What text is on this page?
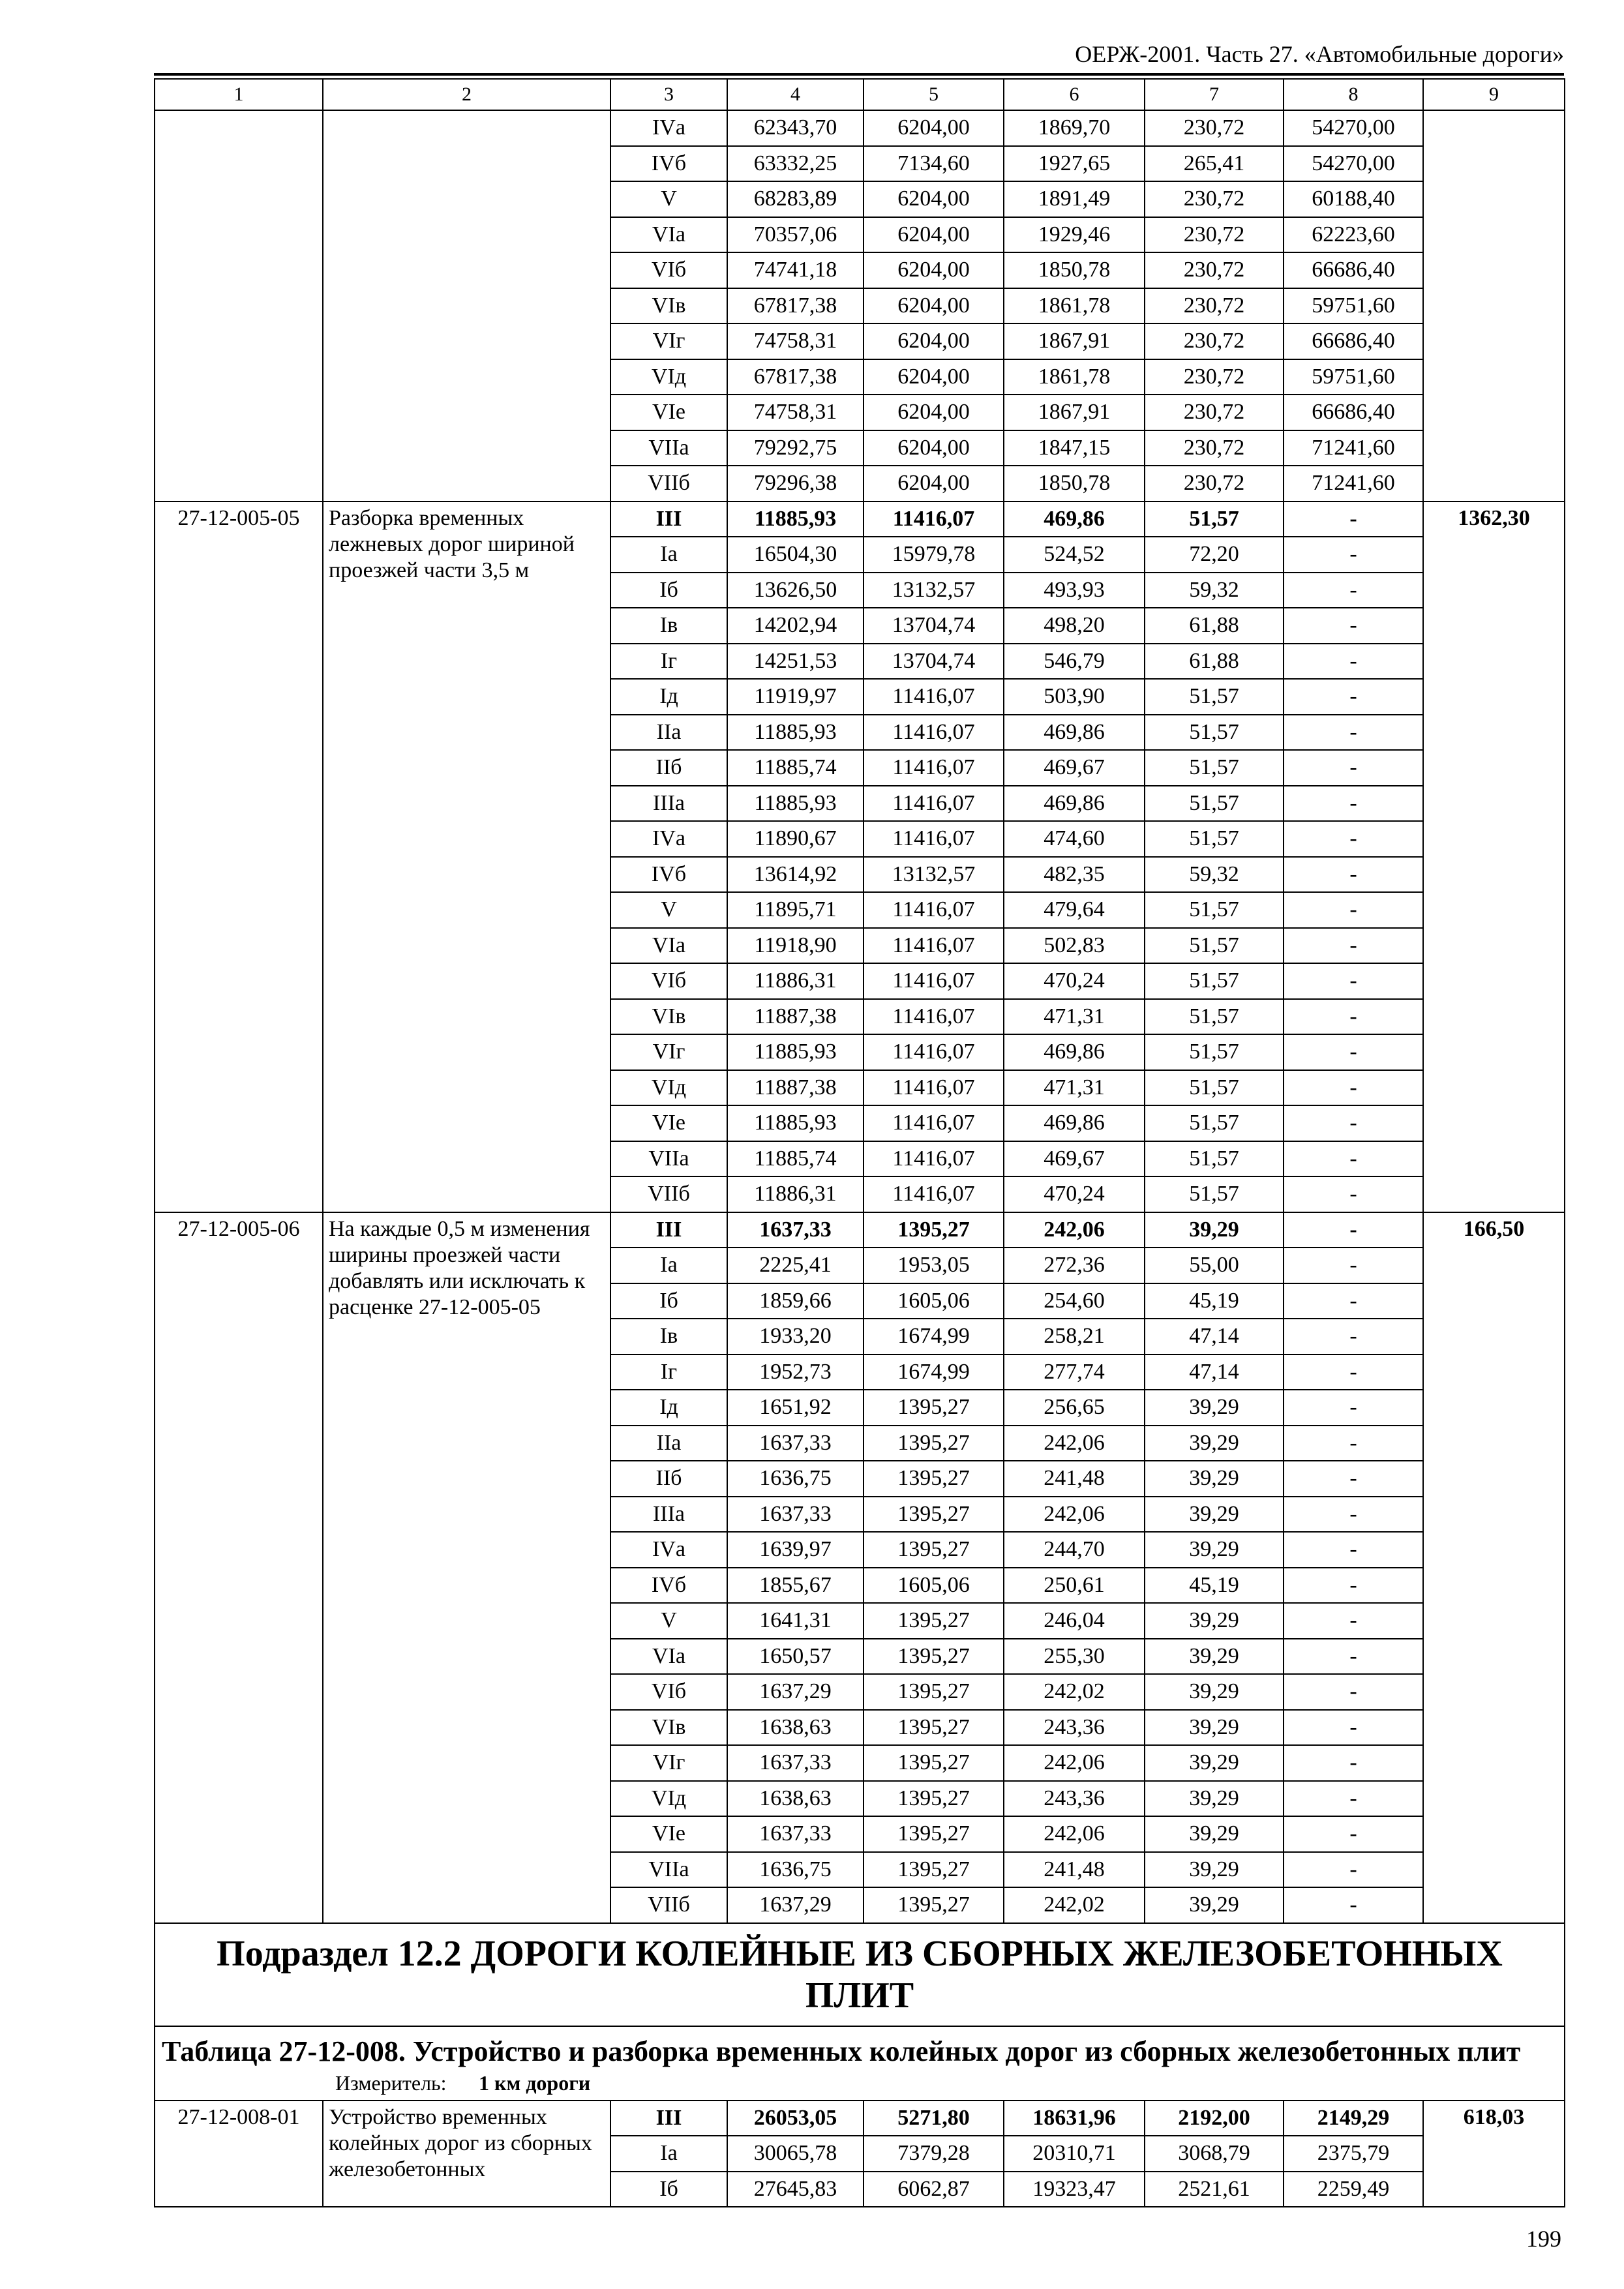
ОЕРЖ-2001. Часть 27. «Автомобильные дороги»
1	2	3	4	5	6	7	8	9
		IVа	62343,70	6204,00	1869,70	230,72	54270,00	
		IVб	63332,25	7134,60	1927,65	265,41	54270,00	
		V	68283,89	6204,00	1891,49	230,72	60188,40	
		VIа	70357,06	6204,00	1929,46	230,72	62223,60	
		VIб	74741,18	6204,00	1850,78	230,72	66686,40	
		VIв	67817,38	6204,00	1861,78	230,72	59751,60	
		VIг	74758,31	6204,00	1867,91	230,72	66686,40	
		VIд	67817,38	6204,00	1861,78	230,72	59751,60	
		VIе	74758,31	6204,00	1867,91	230,72	66686,40	
		VIIа	79292,75	6204,00	1847,15	230,72	71241,60	
		VIIб	79296,38	6204,00	1850,78	230,72	71241,60	
27-12-005-05	Разборка временных лежневых дорог шириной проезжей части 3,5 м	III	11885,93	11416,07	469,86	51,57	-	1362,30
		Iа	16504,30	15979,78	524,52	72,20	-	
		Iб	13626,50	13132,57	493,93	59,32	-	
		Iв	14202,94	13704,74	498,20	61,88	-	
		Iг	14251,53	13704,74	546,79	61,88	-	
		Iд	11919,97	11416,07	503,90	51,57	-	
		IIа	11885,93	11416,07	469,86	51,57	-	
		IIб	11885,74	11416,07	469,67	51,57	-	
		IIIа	11885,93	11416,07	469,86	51,57	-	
		IVа	11890,67	11416,07	474,60	51,57	-	
		IVб	13614,92	13132,57	482,35	59,32	-	
		V	11895,71	11416,07	479,64	51,57	-	
		VIа	11918,90	11416,07	502,83	51,57	-	
		VIб	11886,31	11416,07	470,24	51,57	-	
		VIв	11887,38	11416,07	471,31	51,57	-	
		VIг	11885,93	11416,07	469,86	51,57	-	
		VIд	11887,38	11416,07	471,31	51,57	-	
		VIе	11885,93	11416,07	469,86	51,57	-	
		VIIа	11885,74	11416,07	469,67	51,57	-	
		VIIб	11886,31	11416,07	470,24	51,57	-	
27-12-005-06	На каждые 0,5 м изменения ширины проезжей части добавлять или исключать к расценке 27-12-005-05	III	1637,33	1395,27	242,06	39,29	-	166,50
		Iа	2225,41	1953,05	272,36	55,00	-	
		Iб	1859,66	1605,06	254,60	45,19	-	
		Iв	1933,20	1674,99	258,21	47,14	-	
		Iг	1952,73	1674,99	277,74	47,14	-	
		Iд	1651,92	1395,27	256,65	39,29	-	
		IIа	1637,33	1395,27	242,06	39,29	-	
		IIб	1636,75	1395,27	241,48	39,29	-	
		IIIа	1637,33	1395,27	242,06	39,29	-	
		IVа	1639,97	1395,27	244,70	39,29	-	
		IVб	1855,67	1605,06	250,61	45,19	-	
		V	1641,31	1395,27	246,04	39,29	-	
		VIа	1650,57	1395,27	255,30	39,29	-	
		VIб	1637,29	1395,27	242,02	39,29	-	
		VIв	1638,63	1395,27	243,36	39,29	-	
		VIг	1637,33	1395,27	242,06	39,29	-	
		VIд	1638,63	1395,27	243,36	39,29	-	
		VIе	1637,33	1395,27	242,06	39,29	-	
		VIIа	1636,75	1395,27	241,48	39,29	-	
		VIIб	1637,29	1395,27	242,02	39,29	-	
Подраздел 12.2 ДОРОГИ КОЛЕЙНЫЕ ИЗ СБОРНЫХ ЖЕЛЕЗОБЕТОННЫХ ПЛИТ								

Таблица 27-12-008. Устройство и разборка временных колейных дорог из сборных железобетонных плит
Измеритель: 1 км дороги								

27-12-008-01	Устройство временных колейных дорог из сборных железобетонных	III	26053,05	5271,80	18631,96	2192,00	2149,29	618,03
		Iа	30065,78	7379,28	20310,71	3068,79	2375,79	
		Iб	27645,83	6062,87	19323,47	2521,61	2259,49	
199
